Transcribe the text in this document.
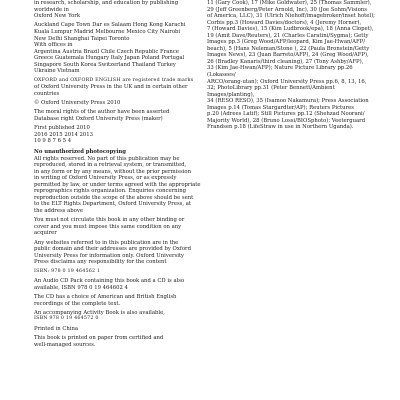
in research, scholarship, and education by publishing

worldwide in

Oxford New York

Auckland Cape Town Dar es Salaam Hong Kong Karachi

Kuala Lumpur Madrid Melbourne Mexico City Nairobi

New Delhi Shanghai Taipei Toronto

With offices in

Argentina Austria Brazil Chile Czech Republic France

Greece Guatemala Hungary Italy Japan Poland Portugal

Singapore South Korea Switzerland Thailand Turkey

Ukraine Vietnam

OXFORD and OXFORD ENGLISH are registered trade marks

of Oxford University Press in the UK and in certain other

countries

© Oxford University Press 2010

The moral rights of the author have been asserted

Database right Oxford University Press (maker)

First published 2010

2016 2015 2014 2013

10 9 8 7 6 5 4

No unauthorized photocopying

All rights reserved. No part of this publication may be

reproduced, stored in a retrieval system, or transmitted,

in any form or by any means, without the prior permission

in writing of Oxford University Press, or as expressly

permitted by law, or under terms agreed with the appropriate

reprographics rights organization. Enquiries concerning

reproduction outside the scope of the above should be sent

to the ELT Rights Department, Oxford University Press, at

the address above

You must not circulate this book in any other binding or

cover and you must impose this same condition on any

acquirer

Any websites referred to in this publication are in the

public domain and their addresses are provided by Oxford

University Press for information only. Oxford University

Press disclaims any responsibility for the content

ISBN: 978 0 19 464562 1

An Audio CD Pack containing this book and a CD is also

available, ISBN 978 0 19 464602 4

The CD has a choice of American and British English

recordings of the complete text.

An accompanying Activity Book is also available,

ISBN 978 0 19 464572 0

Printed in China

This book is printed on paper from certified and

well-managed sources.

11 (Gary Cook), 17 (Mike Goldwater), 25 (Thomas Sammler),

29 (Jeff Greenberg/Peter Arnold, Inc), 30 (Joe Sohm/Visions

of America, LLC), 31 (Ulrich Niehoff/imagebroker/inset hotel);

Corbis pp.3 (Howard Davies/doctors), 4 (Jeremy Horner),

7 (Howard Davies), 15 (Kim Ludbrook/epa), 18 (Anna Clopet),

19 (Amit Dave/Reuters), 21 (Charles Caratini/Sygma); Getty

Images pp.3 (Greg Wood/AFP/leopard, Kim Jae-Hwan/AFP/

beach), 5 (Hans Neleman/Stone ), 22 (Paula Bronstein/Getty

Images News), 23 (Juan Barreto/AFP), 24 (Greg Wood/AFP),

26 (Bradley Kanaris/third cleaning), 27 (Tony Ashby/AFP),

33 (Kim Jae-Hwan/AFP); Nature Picture Library pp.26 (Lokasees/

ARCO/orang-utan); Oxford University Press pp.6, 8, 13, 16,

32; PhotoLibrary pp.31 (Peter Bennett/Ambient Images/planting),

34 (RESO RESO), 35 (Isamoo Nakamura); Press Association

Images p.14 (Tomas Stargardter/AP); Reuters Pictures

p.20 (Adrees Latif); Still Pictures pp.12 (Shehzad Noorani/

Majority World), 28 (Bruno Lossi/BIOSphoto); Veeterguard

Frandsen p.18 (LifeStraw in use in Northern Uganda).
